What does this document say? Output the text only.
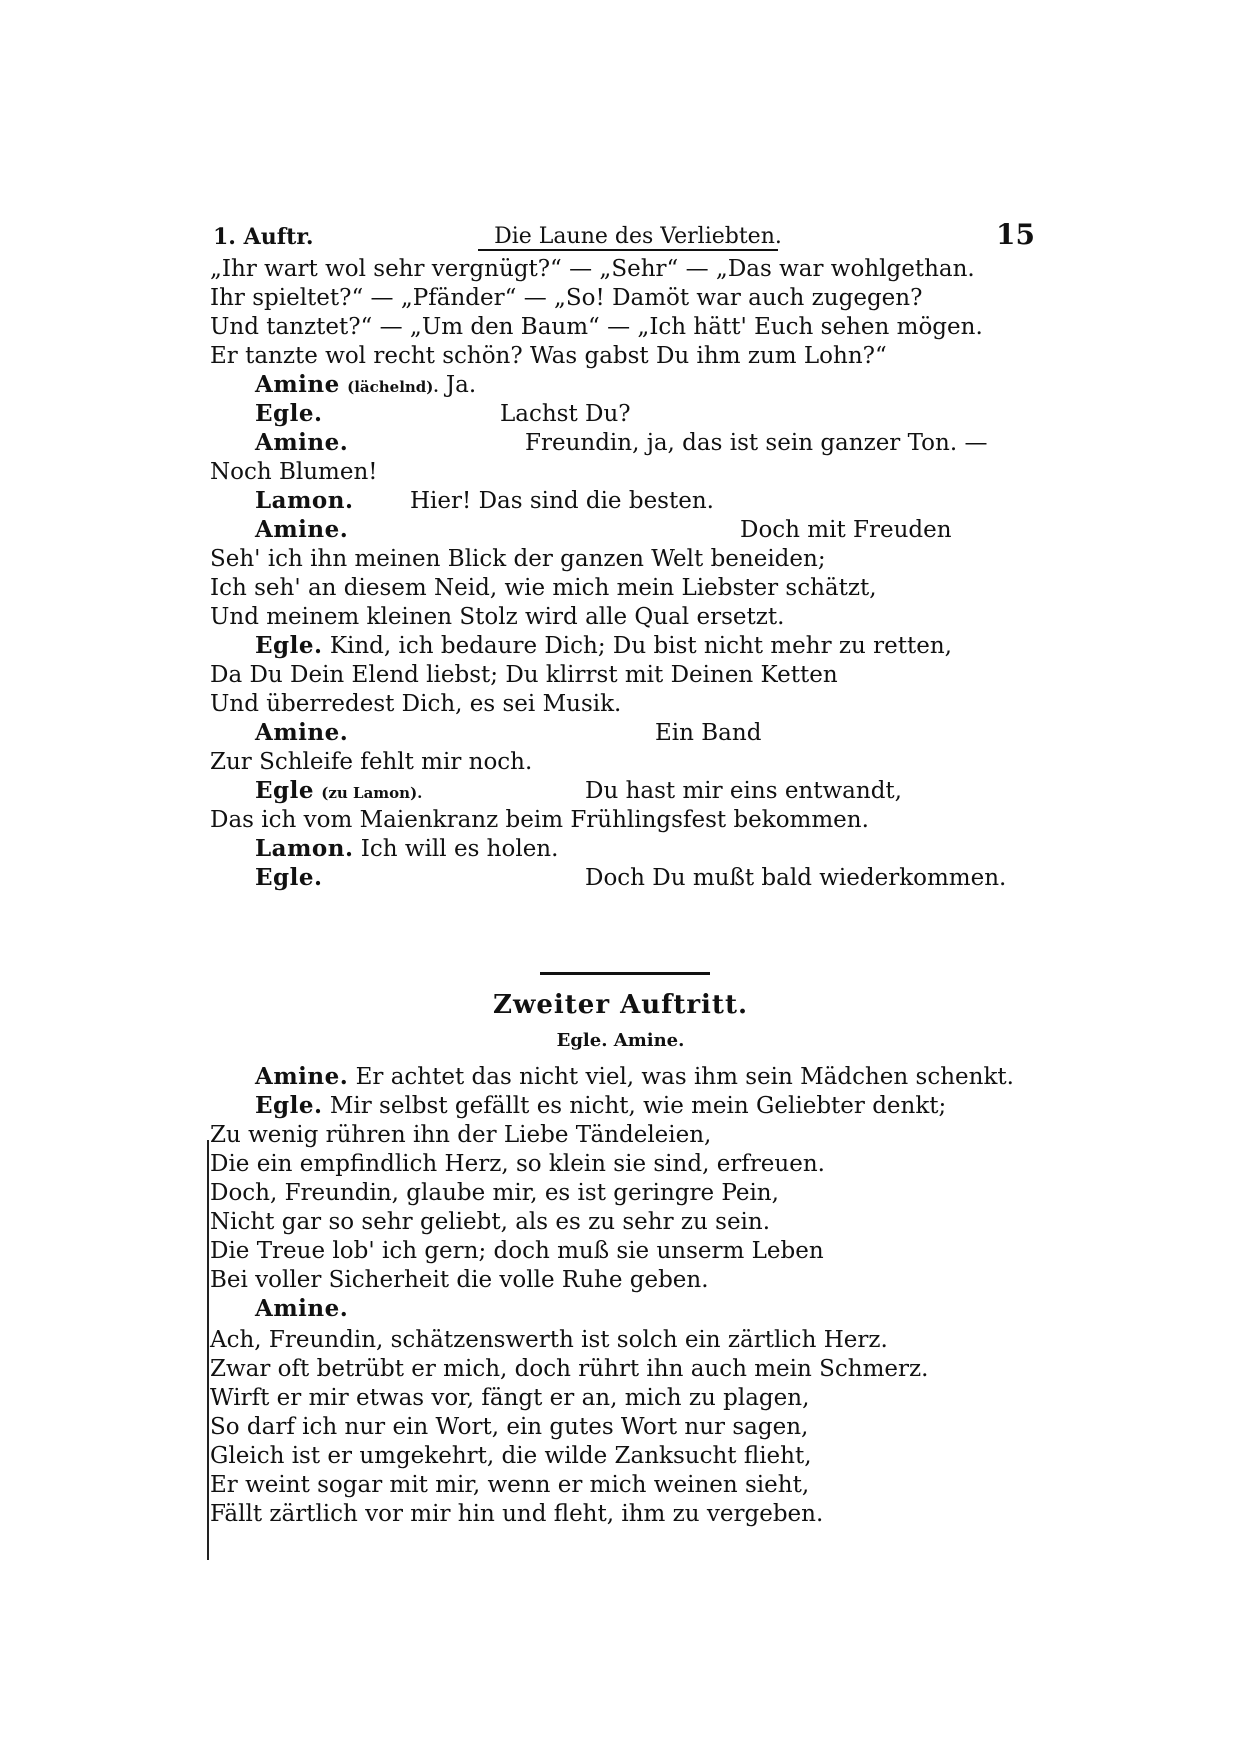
1. Auftr.	Die Laune des Verliebten.	15
„Ihr wart wol sehr vergnügt?“ — „Sehr“ — „Das war wohlgethan.
Ihr spieltet?“ — „Pfänder“ — „So! Damöt war auch zugegen?
Und tanztet?“ — „Um den Baum“ — „Ich hätt' Euch sehen mögen.
Er tanzte wol recht schön? Was gabst Du ihm zum Lohn?“
Amine (lächelnd). Ja.
Egle.	Lachst Du?
Amine.	Freundin, ja, das ist sein ganzer Ton. —
Noch Blumen!
Lamon. Hier! Das sind die besten.
Amine.	Doch mit Freuden
Seh' ich ihn meinen Blick der ganzen Welt beneiden;
Ich seh' an diesem Neid, wie mich mein Liebster schätzt,
Und meinem kleinen Stolz wird alle Qual ersetzt.
Egle. Kind, ich bedaure Dich; Du bist nicht mehr zu retten,
Da Du Dein Elend liebst; Du klirrst mit Deinen Ketten
Und überredest Dich, es sei Musik.
Amine.	Ein Band
Zur Schleife fehlt mir noch.
Egle (zu Lamon).	Du hast mir eins entwandt,
Das ich vom Maienkranz beim Frühlingsfest bekommen.
Lamon. Ich will es holen.
Egle.	Doch Du mußt bald wiederkommen.
Zweiter Auftritt.
Egle. Amine.
Amine. Er achtet das nicht viel, was ihm sein Mädchen schenkt.
Egle. Mir selbst gefällt es nicht, wie mein Geliebter denkt;
Zu wenig rühren ihn der Liebe Tändeleien,
Die ein empfindlich Herz, so klein sie sind, erfreuen.
Doch, Freundin, glaube mir, es ist geringre Pein,
Nicht gar so sehr geliebt, als es zu sehr zu sein.
Die Treue lob' ich gern; doch muß sie unserm Leben
Bei voller Sicherheit die volle Ruhe geben.
Amine.
Ach, Freundin, schätzenswerth ist solch ein zärtlich Herz.
Zwar oft betrübt er mich, doch rührt ihn auch mein Schmerz.
Wirft er mir etwas vor, fängt er an, mich zu plagen,
So darf ich nur ein Wort, ein gutes Wort nur sagen,
Gleich ist er umgekehrt, die wilde Zanksucht flieht,
Er weint sogar mit mir, wenn er mich weinen sieht,
Fällt zärtlich vor mir hin und fleht, ihm zu vergeben.
